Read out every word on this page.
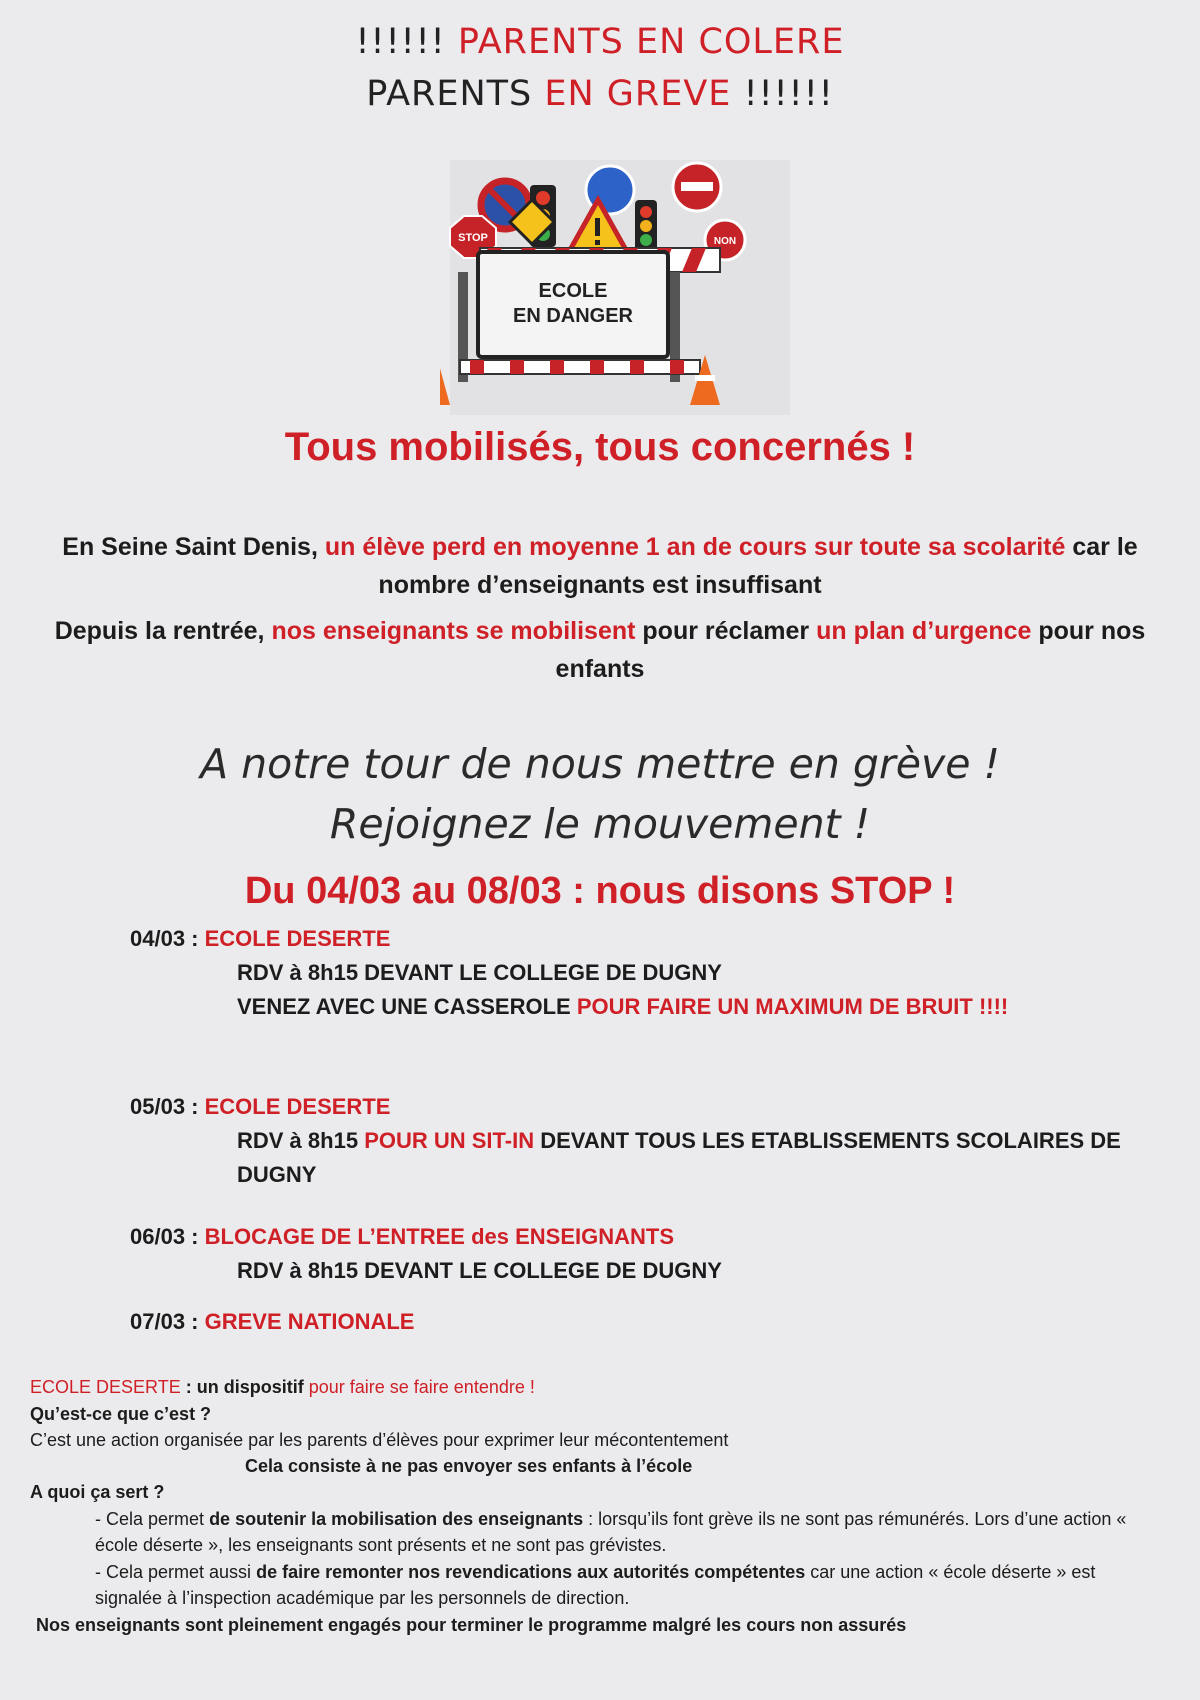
!!!!!! PARENTS EN COLERE
PARENTS EN GREVE !!!!!!
STOP	NON
ECOLE
EN DANGER
Tous mobilisés, tous concernés !
En Seine Saint Denis, un élève perd en moyenne 1 an de cours sur toute sa scolarité car le nombre d’enseignants est insuffisant
Depuis la rentrée, nos enseignants se mobilisent pour réclamer un plan d’urgence pour nos enfants
A notre tour de nous mettre en grève !
Rejoignez le mouvement !
Du 04/03 au 08/03 : nous disons STOP !
04/03 : ECOLE DESERTE
RDV à 8h15 DEVANT LE COLLEGE DE DUGNY
VENEZ AVEC UNE CASSEROLE POUR FAIRE UN MAXIMUM DE BRUIT !!!!
05/03 : ECOLE DESERTE
RDV à 8h15 POUR UN SIT-IN DEVANT TOUS LES ETABLISSEMENTS SCOLAIRES DE DUGNY
06/03 : BLOCAGE DE L’ENTREE des ENSEIGNANTS
RDV à 8h15 DEVANT LE COLLEGE DE DUGNY
07/03 : GREVE NATIONALE
ECOLE DESERTE : un dispositif pour faire se faire entendre !
Qu’est-ce que c’est ?
C’est une action organisée par les parents d’élèves pour exprimer leur mécontentement
Cela consiste à ne pas envoyer ses enfants à l’école
A quoi ça sert ?
- Cela permet de soutenir la mobilisation des enseignants : lorsqu’ils font grève ils ne sont pas rémunérés. Lors d’une action « école déserte », les enseignants sont présents et ne sont pas grévistes.
- Cela permet aussi de faire remonter nos revendications aux autorités compétentes car une action « école déserte » est signalée à l’inspection académique par les personnels de direction.
Nos enseignants sont pleinement engagés pour terminer le programme malgré les cours non assurés
